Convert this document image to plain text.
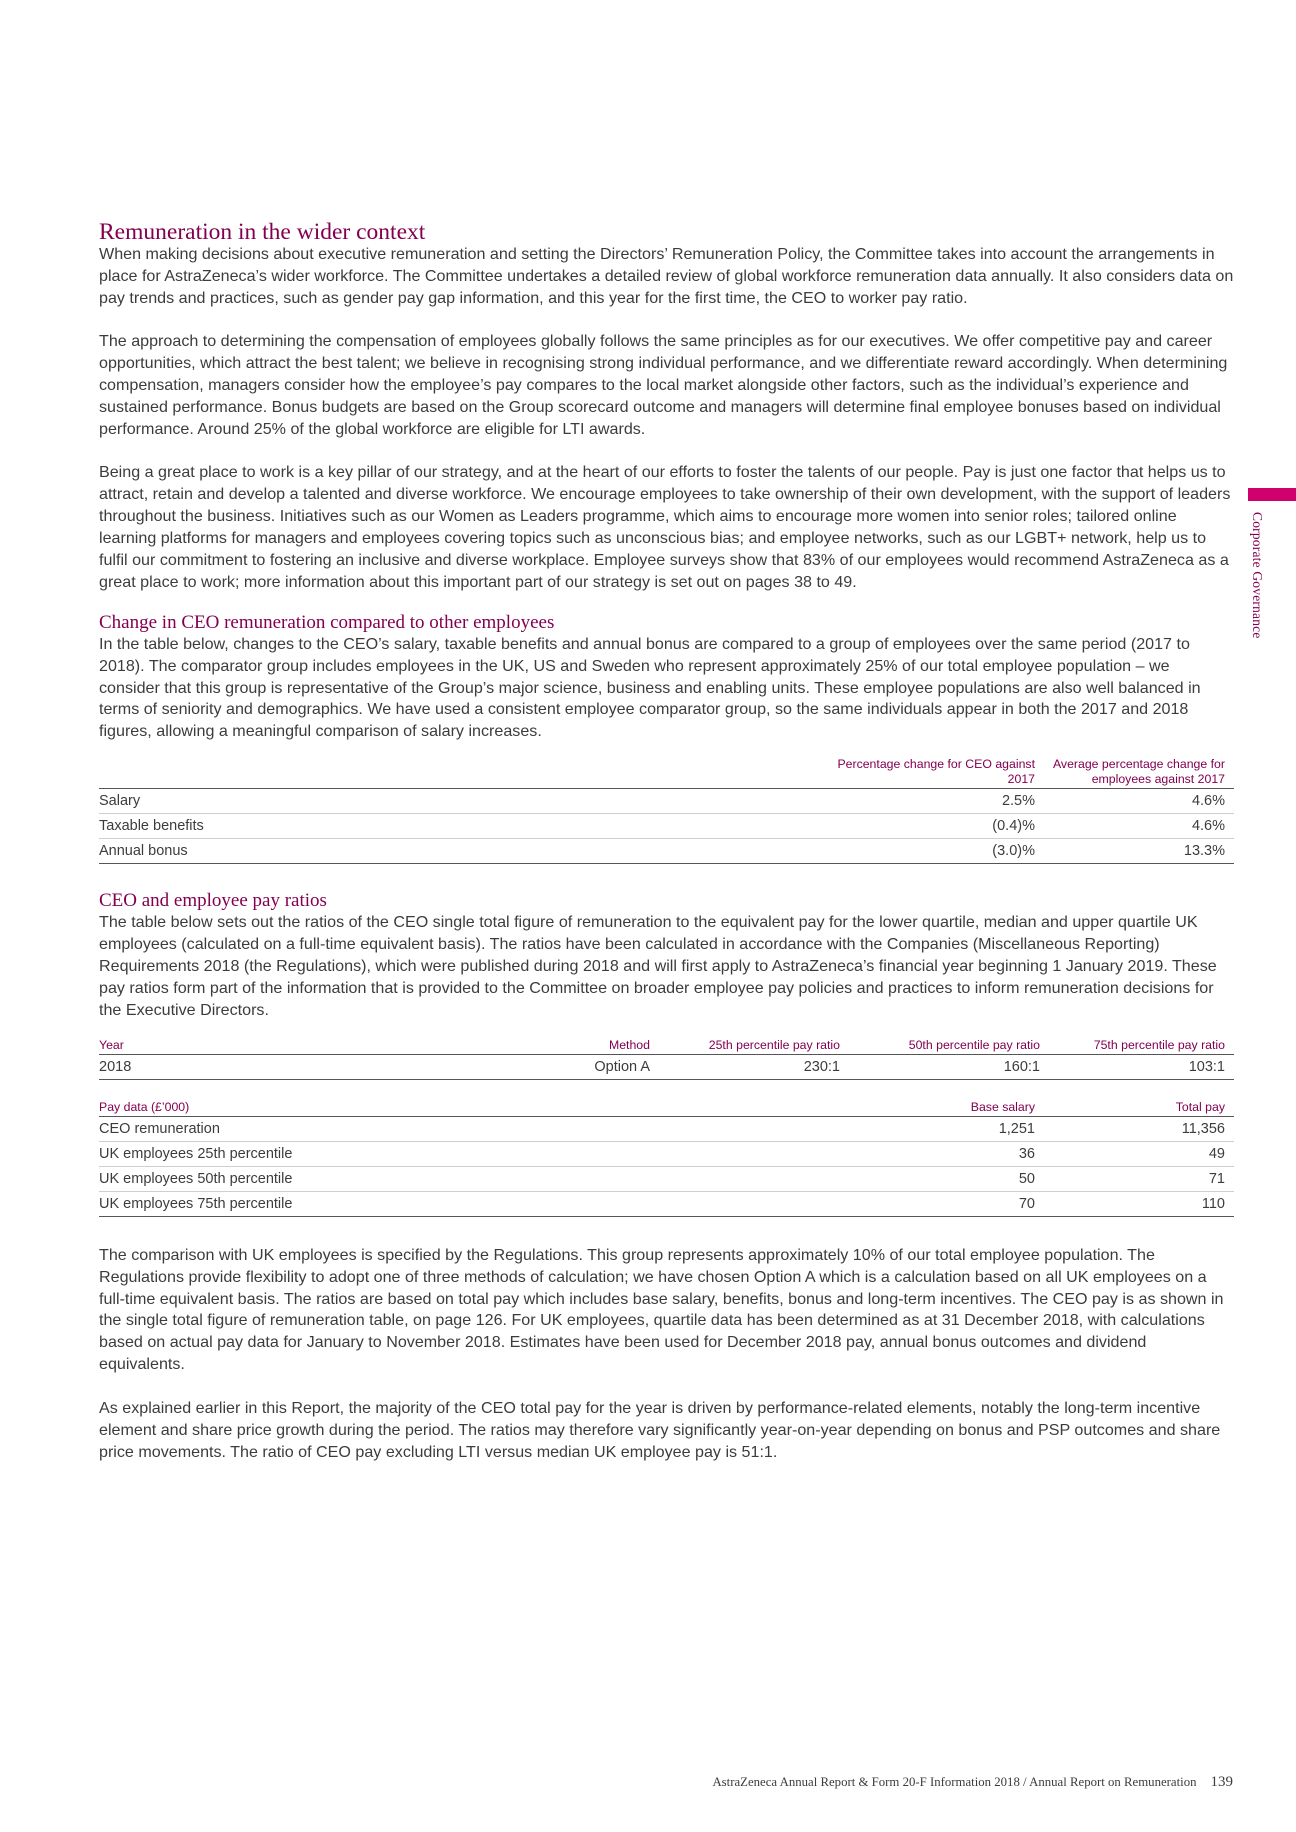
Corporate Governance
Remuneration in the wider context

When making decisions about executive remuneration and setting the Directors’ Remuneration Policy, the Committee takes into account the arrangements in place for AstraZeneca’s wider workforce. The Committee undertakes a detailed review of global workforce remuneration data annually. It also considers data on pay trends and practices, such as gender pay gap information, and this year for the first time, the CEO to worker pay ratio.

The approach to determining the compensation of employees globally follows the same principles as for our executives. We offer competitive pay and career opportunities, which attract the best talent; we believe in recognising strong individual performance, and we differentiate reward accordingly. When determining compensation, managers consider how the employee’s pay compares to the local market alongside other factors, such as the individual’s experience and sustained performance. Bonus budgets are based on the Group scorecard outcome and managers will determine final employee bonuses based on individual performance. Around 25% of the global workforce are eligible for LTI awards.

Being a great place to work is a key pillar of our strategy, and at the heart of our efforts to foster the talents of our people. Pay is just one factor that helps us to attract, retain and develop a talented and diverse workforce. We encourage employees to take ownership of their own development, with the support of leaders throughout the business. Initiatives such as our Women as Leaders programme, which aims to encourage more women into senior roles; tailored online learning platforms for managers and employees covering topics such as unconscious bias; and employee networks, such as our LGBT+ network, help us to fulfil our commitment to fostering an inclusive and diverse workplace. Employee surveys show that 83% of our employees would recommend AstraZeneca as a great place to work; more information about this important part of our strategy is set out on pages 38 to 49.

Change in CEO remuneration compared to other employees

In the table below, changes to the CEO’s salary, taxable benefits and annual bonus are compared to a group of employees over the same period (2017 to 2018). The comparator group includes employees in the UK, US and Sweden who represent approximately 25% of our total employee population – we consider that this group is representative of the Group’s major science, business and enabling units. These employee populations are also well balanced in terms of seniority and demographics. We have used a consistent employee comparator group, so the same individuals appear in both the 2017 and 2018 figures, allowing a meaningful comparison of salary increases.

	Percentage change for CEO against 2017	Average percentage change for employees against 2017
Salary	2.5%	4.6%
Taxable benefits	(0.4)%	4.6%
Annual bonus	(3.0)%	13.3%
CEO and employee pay ratios

The table below sets out the ratios of the CEO single total figure of remuneration to the equivalent pay for the lower quartile, median and upper quartile UK employees (calculated on a full-time equivalent basis). The ratios have been calculated in accordance with the Companies (Miscellaneous Reporting) Requirements 2018 (the Regulations), which were published during 2018 and will first apply to AstraZeneca’s financial year beginning 1 January 2019. These pay ratios form part of the information that is provided to the Committee on broader employee pay policies and practices to inform remuneration decisions for the Executive Directors.

Year	Method	25th percentile pay ratio	50th percentile pay ratio	75th percentile pay ratio
2018	Option A	230:1	160:1	103:1
Pay data (£’000)	Base salary	Total pay
CEO remuneration	1,251	11,356
UK employees 25th percentile	36	49
UK employees 50th percentile	50	71
UK employees 75th percentile	70	110

The comparison with UK employees is specified by the Regulations. This group represents approximately 10% of our total employee population. The Regulations provide flexibility to adopt one of three methods of calculation; we have chosen Option A which is a calculation based on all UK employees on a full-time equivalent basis. The ratios are based on total pay which includes base salary, benefits, bonus and long-term incentives. The CEO pay is as shown in the single total figure of remuneration table, on page 126. For UK employees, quartile data has been determined as at 31 December 2018, with calculations based on actual pay data for January to November 2018. Estimates have been used for December 2018 pay, annual bonus outcomes and dividend equivalents.

As explained earlier in this Report, the majority of the CEO total pay for the year is driven by performance-related elements, notably the long-term incentive element and share price growth during the period. The ratios may therefore vary significantly year-on-year depending on bonus and PSP outcomes and share price movements. The ratio of CEO pay excluding LTI versus median UK employee pay is 51:1.

AstraZeneca Annual Report & Form 20-F Information 2018 / Annual Report on Remuneration 139
